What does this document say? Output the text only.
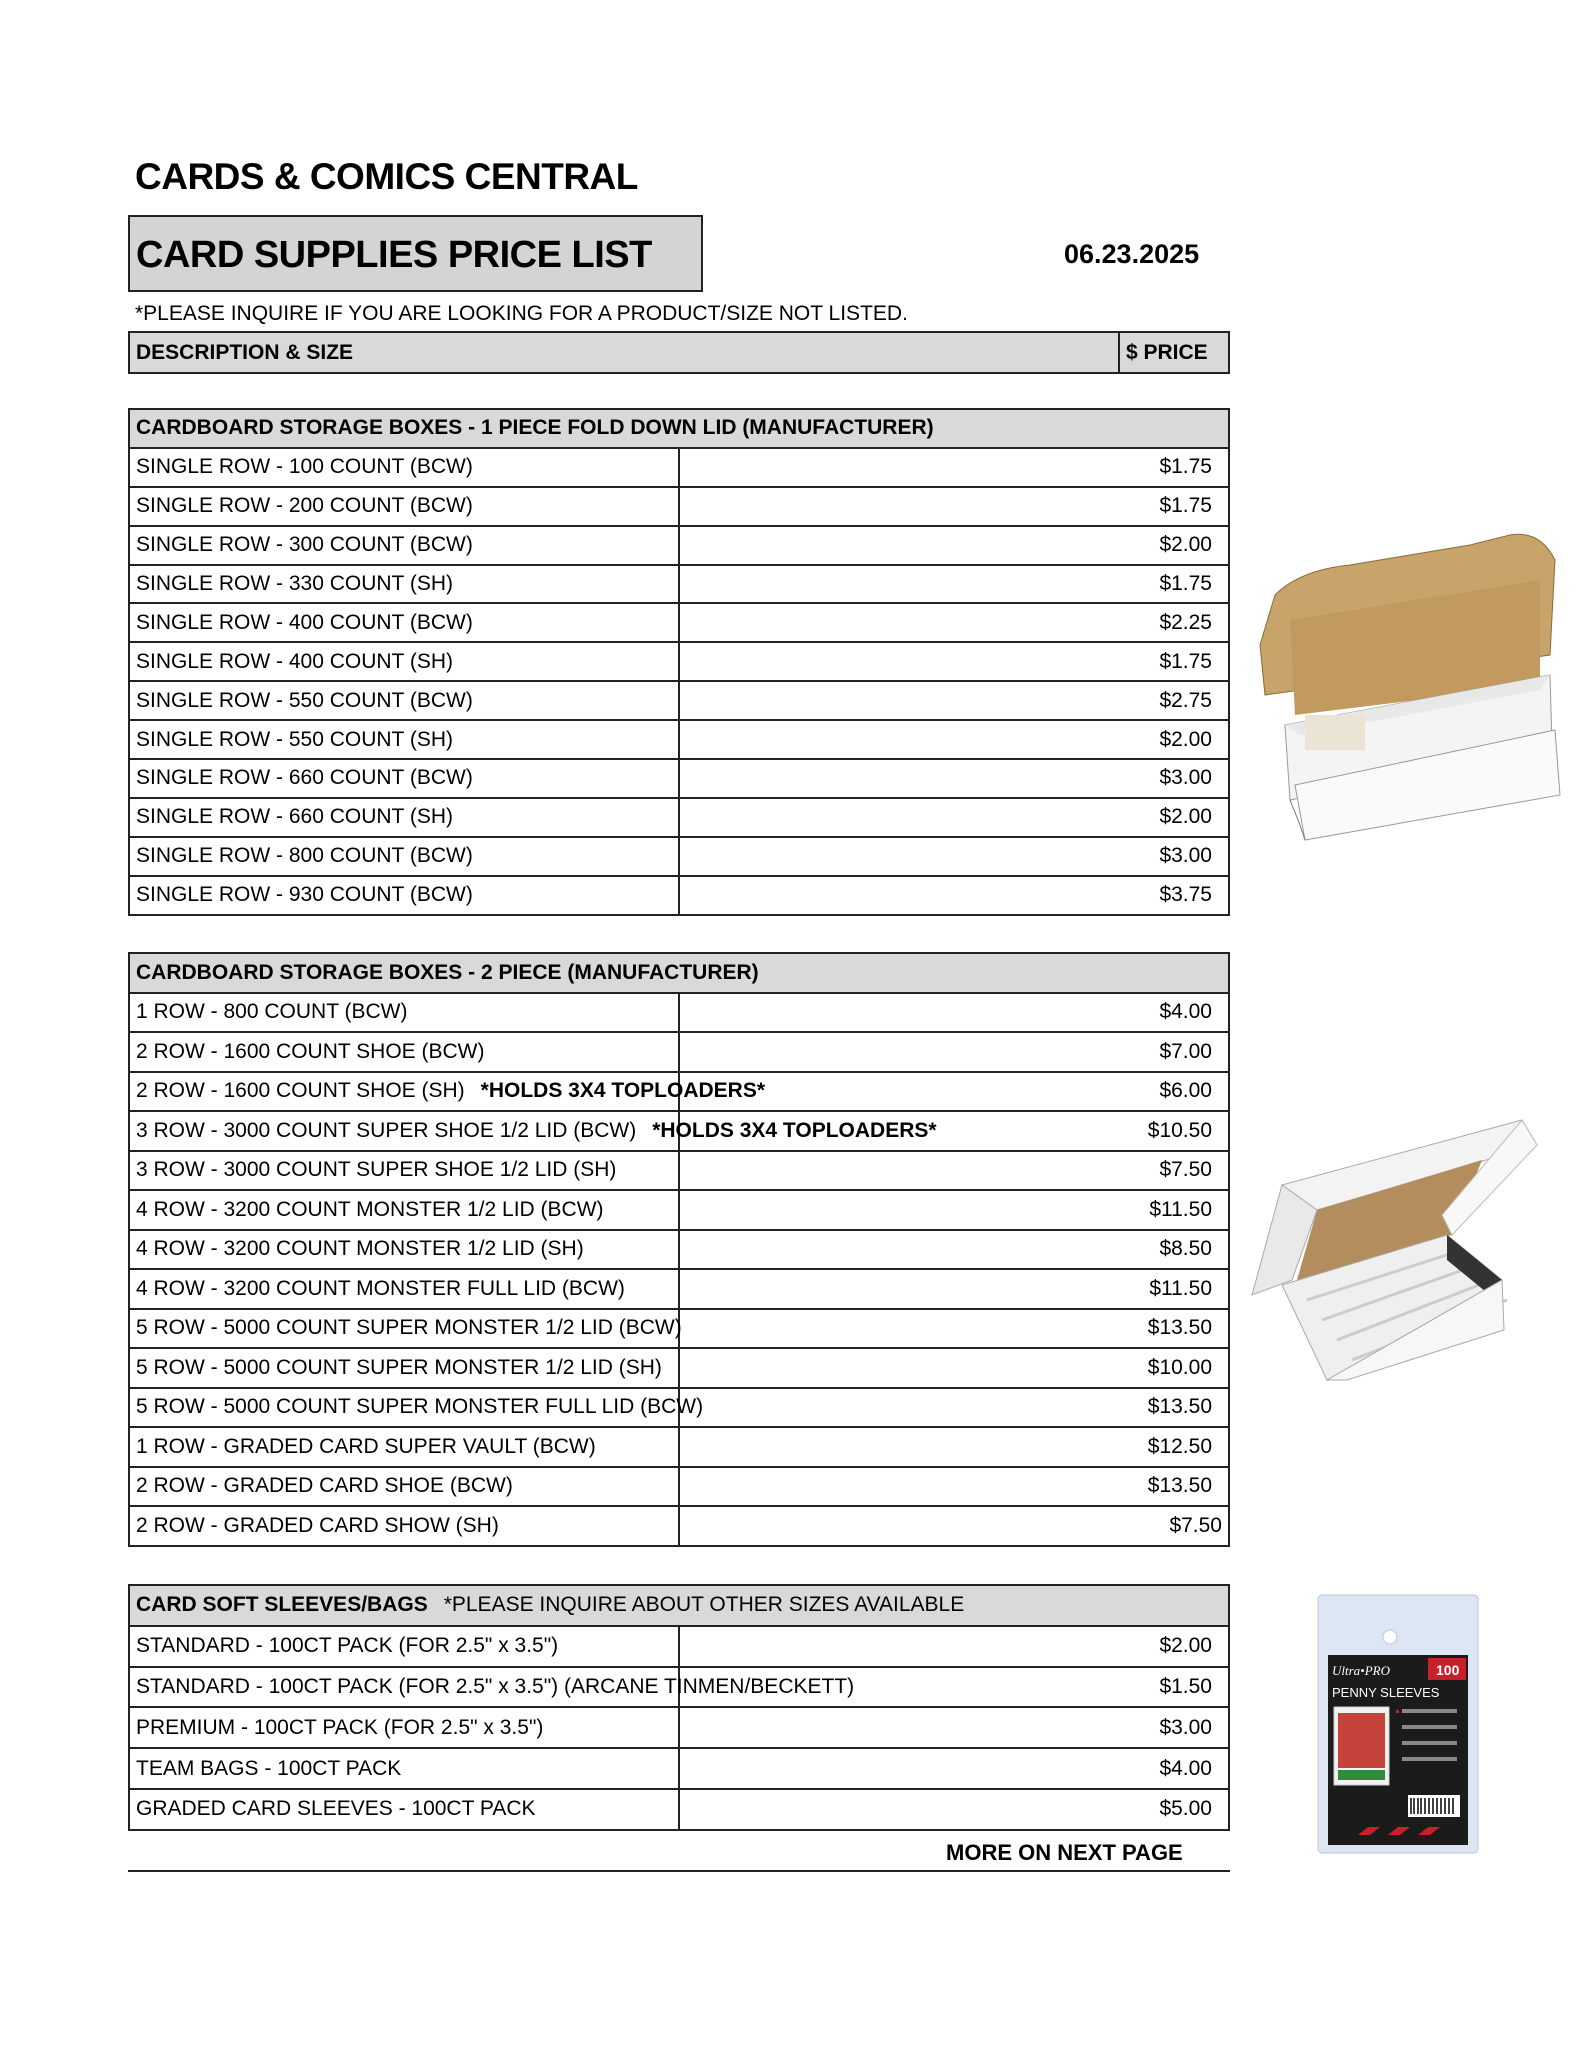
CARDS & COMICS CENTRAL
CARD SUPPLIES PRICE LIST	06.23.2025
*PLEASE INQUIRE IF YOU ARE LOOKING FOR A PRODUCT/SIZE NOT LISTED.
DESCRIPTION & SIZE	$ PRICE
CARDBOARD STORAGE BOXES - 1 PIECE FOLD DOWN LID (MANUFACTURER)	
SINGLE ROW - 100 COUNT (BCW)	$1.75
SINGLE ROW - 200 COUNT (BCW)	$1.75
SINGLE ROW - 300 COUNT (BCW)	$2.00
SINGLE ROW - 330 COUNT (SH)	$1.75
SINGLE ROW - 400 COUNT (BCW)	$2.25
SINGLE ROW - 400 COUNT (SH)	$1.75
SINGLE ROW - 550 COUNT (BCW)	$2.75
SINGLE ROW - 550 COUNT (SH)	$2.00
SINGLE ROW - 660 COUNT (BCW)	$3.00
SINGLE ROW - 660 COUNT (SH)	$2.00
SINGLE ROW - 800 COUNT (BCW)	$3.00
SINGLE ROW - 930 COUNT (BCW)	$3.75
CARDBOARD STORAGE BOXES - 2 PIECE (MANUFACTURER)	
1 ROW - 800 COUNT (BCW)	$4.00
2 ROW - 1600 COUNT SHOE (BCW)	$7.00
2 ROW - 1600 COUNT SHOE (SH) *HOLDS 3X4 TOPLOADERS*	$6.00
3 ROW - 3000 COUNT SUPER SHOE 1/2 LID (BCW) *HOLDS 3X4 TOPLOADERS*	$10.50
3 ROW - 3000 COUNT SUPER SHOE 1/2 LID (SH)	$7.50
4 ROW - 3200 COUNT MONSTER 1/2 LID (BCW)	$11.50
4 ROW - 3200 COUNT MONSTER 1/2 LID (SH)	$8.50
4 ROW - 3200 COUNT MONSTER FULL LID (BCW)	$11.50
5 ROW - 5000 COUNT SUPER MONSTER 1/2 LID (BCW)	$13.50
5 ROW - 5000 COUNT SUPER MONSTER 1/2 LID (SH)	$10.00
5 ROW - 5000 COUNT SUPER MONSTER FULL LID (BCW)	$13.50
1 ROW - GRADED CARD SUPER VAULT (BCW)	$12.50
2 ROW - GRADED CARD SHOE (BCW)	$13.50
2 ROW - GRADED CARD SHOW (SH)	$7.50
CARD SOFT SLEEVES/BAGS *PLEASE INQUIRE ABOUT OTHER SIZES AVAILABLE	
STANDARD - 100CT PACK (FOR 2.5" x 3.5")	$2.00
STANDARD - 100CT PACK (FOR 2.5" x 3.5") (ARCANE TINMEN/BECKETT)	$1.50
PREMIUM - 100CT PACK (FOR 2.5" x 3.5")	$3.00
TEAM BAGS - 100CT PACK	$4.00
GRADED CARD SLEEVES - 100CT PACK	$5.00
MORE ON NEXT PAGE
Ultra•PRO	100
PENNY SLEEVES
